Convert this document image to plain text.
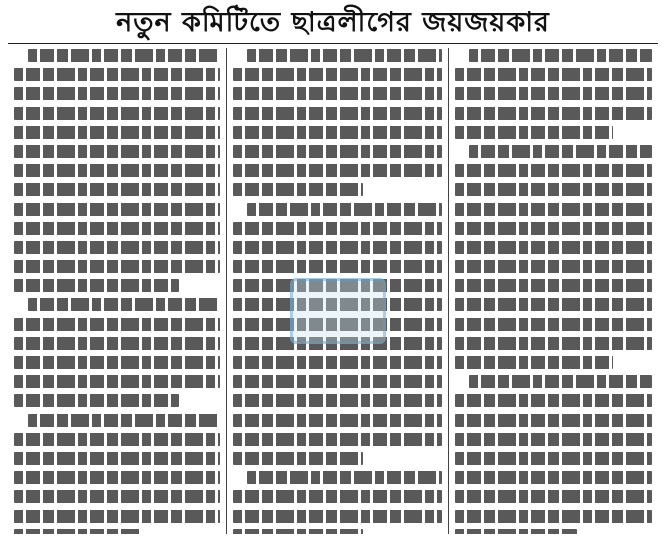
নতুন কমিটিতে ছাত্রলীগের জয়জয়কার
